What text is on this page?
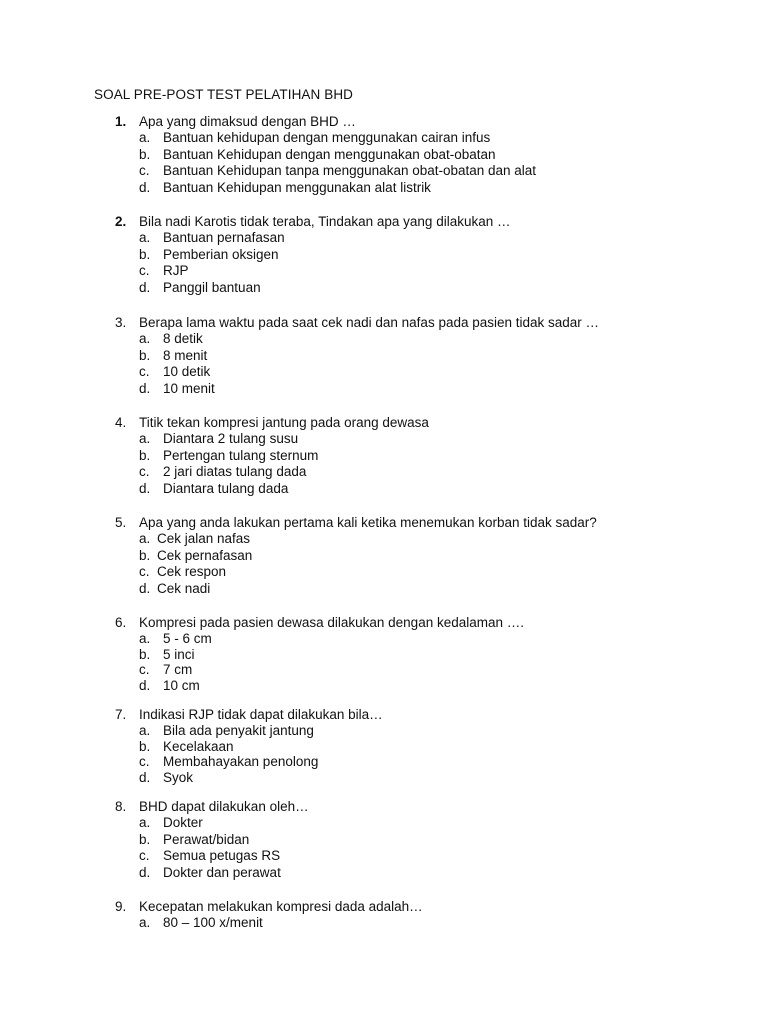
SOAL PRE-POST TEST PELATIHAN BHD
1. Apa yang dimaksud dengan BHD …
a. Bantuan kehidupan dengan menggunakan cairan infus
b. Bantuan Kehidupan dengan menggunakan obat-obatan
c. Bantuan Kehidupan tanpa menggunakan obat-obatan dan alat
d. Bantuan Kehidupan menggunakan alat listrik
2. Bila nadi Karotis tidak teraba, Tindakan apa yang dilakukan …
a. Bantuan pernafasan
b. Pemberian oksigen
c. RJP
d. Panggil bantuan
3. Berapa lama waktu pada saat cek nadi dan nafas pada pasien tidak sadar …
a. 8 detik
b. 8 menit
c. 10 detik
d. 10 menit
4. Titik tekan kompresi jantung pada orang dewasa
a. Diantara 2 tulang susu
b. Pertengan tulang sternum
c. 2 jari diatas tulang dada
d. Diantara tulang dada
5. Apa yang anda lakukan pertama kali ketika menemukan korban tidak sadar?
a. Cek jalan nafas
b. Cek pernafasan
c. Cek respon
d. Cek nadi
6. Kompresi pada pasien dewasa dilakukan dengan kedalaman ….
a. 5 - 6 cm
b. 5 inci
c. 7 cm
d. 10 cm
7. Indikasi RJP tidak dapat dilakukan bila…
a. Bila ada penyakit jantung
b. Kecelakaan
c. Membahayakan penolong
d. Syok
8. BHD dapat dilakukan oleh…
a. Dokter
b. Perawat/bidan
c. Semua petugas RS
d. Dokter dan perawat
9. Kecepatan melakukan kompresi dada adalah…
a. 80 – 100 x/menit
